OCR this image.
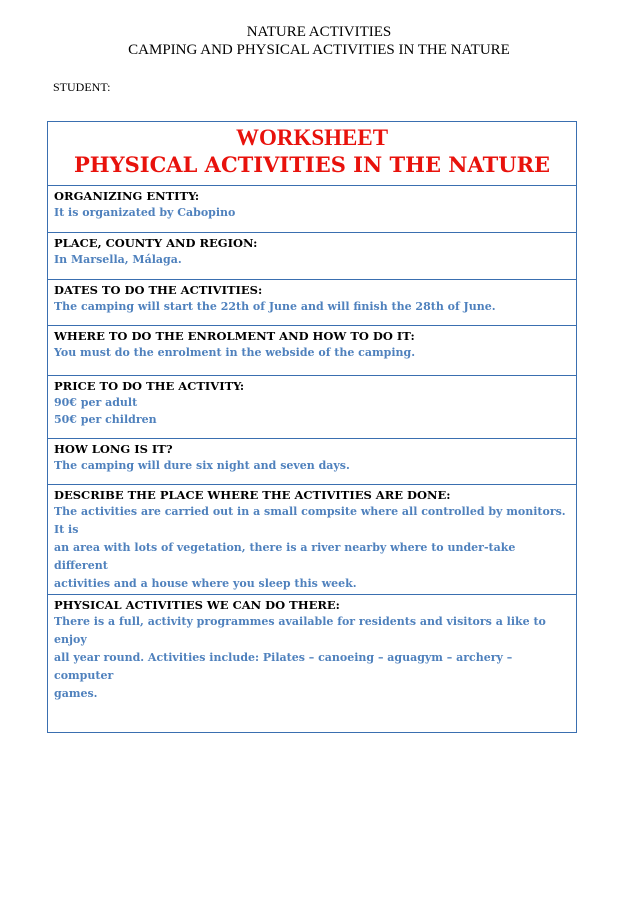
NATURE ACTIVITIES
CAMPING AND PHYSICAL ACTIVITIES IN THE NATURE
STUDENT:
WORKSHEET
PHYSICAL ACTIVITIES IN THE NATURE
ORGANIZING ENTITY:
It is organizated by Cabopino
PLACE, COUNTY AND REGION:
In Marsella, Málaga.
DATES TO DO THE ACTIVITIES:
The camping will start the 22th of June and will finish the 28th of June.
WHERE TO DO THE ENROLMENT AND HOW TO DO IT:
You must do the enrolment in the webside of the camping.
PRICE TO DO THE ACTIVITY:
90€ per adult
50€ per children
HOW LONG IS IT?
The camping will dure six night and seven days.
DESCRIBE THE PLACE WHERE THE ACTIVITIES ARE DONE:
The activities are carried out in a small compsite where all controlled by monitors. It is
an area with lots of vegetation, there is a river nearby where to under-take different
activities and a house where you sleep this week.
PHYSICAL ACTIVITIES WE CAN DO THERE:
There is a full, activity programmes available for residents and visitors a like to enjoy
all year round. Activities include: Pilates – canoeing – aguagym – archery – computer
games.
